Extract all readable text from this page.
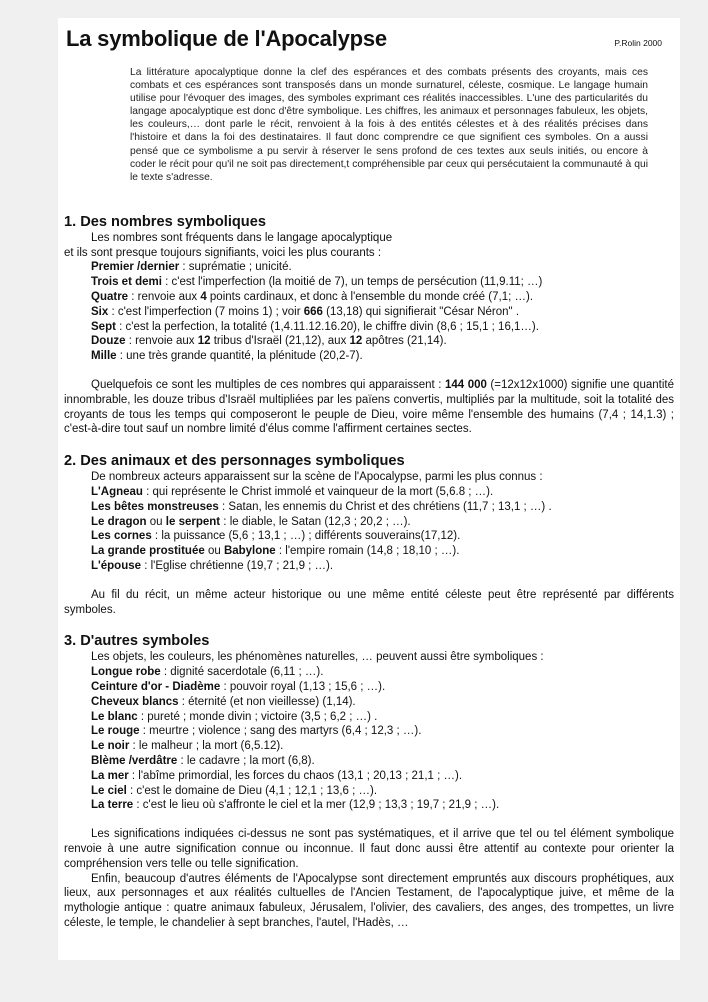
La symbolique de l'Apocalypse	P.Rolin 2000

La littérature apocalyptique donne la clef des espérances et des combats présents des croyants, mais ces combats et ces espérances sont transposés dans un monde surnaturel, céleste, cosmique. Le langage humain utilise pour l'évoquer des images, des symboles exprimant ces réalités inaccessibles. L'une des particularités du langage apocalyptique est donc d'être symbolique. Les chiffres, les animaux et personnages fabuleux, les objets, les couleurs,… dont parle le récit, renvoient à la fois à des entités célestes et à des réalités précises dans l'histoire et dans la foi des destinataires. Il faut donc comprendre ce que signifient ces symboles. On a aussi pensé que ce symbolisme a pu servir à réserver le sens profond de ces textes aux seuls initiés, ou encore à coder le récit pour qu'il ne soit pas directement,t compréhensible par ceux qui persécutaient la communauté à qui le texte s'adresse.

1. Des nombres symboliques
Les nombres sont fréquents dans le langage apocalyptique
et ils sont presque toujours signifiants, voici les plus courants :
Premier /dernier : suprématie ; unicité.
Trois et demi : c'est l'imperfection (la moitié de 7), un temps de persécution (11,9.11; …)
Quatre : renvoie aux 4 points cardinaux, et donc à l'ensemble du monde créé (7,1; …).
Six : c'est l'imperfection (7 moins 1) ; voir 666 (13,18) qui signifierait "César Néron" .
Sept : c'est la perfection, la totalité (1,4.11.12.16.20), le chiffre divin (8,6 ; 15,1 ; 16,1…).
Douze : renvoie aux 12 tribus d'Israël (21,12), aux 12 apôtres (21,14).
Mille : une très grande quantité, la plénitude (20,2-7).

Quelquefois ce sont les multiples de ces nombres qui apparaissent : 144 000 (=12x12x1000) signifie une quantité innombrable, les douze tribus d'Israël multipliées par les païens convertis, multipliés par la multitude, soit la totalité des croyants de tous les temps qui composeront le peuple de Dieu, voire même l'ensemble des humains (7,4 ; 14,1.3) ; c'est-à-dire tout sauf un nombre limité d'élus comme l'affirment certaines sectes.

2. Des animaux et des personnages symboliques
De nombreux acteurs apparaissent sur la scène de l'Apocalypse, parmi les plus connus :
L'Agneau : qui représente le Christ immolé et vainqueur de la mort (5,6.8 ; …).
Les bêtes monstreuses : Satan, les ennemis du Christ et des chrétiens (11,7 ; 13,1 ; …) .
Le dragon ou le serpent : le diable, le Satan (12,3 ; 20,2 ; …).
Les cornes : la puissance (5,6 ; 13,1 ; …) ; différents souverains(17,12).
La grande prostituée ou Babylone : l'empire romain (14,8 ; 18,10 ; …).
L'épouse : l'Eglise chrétienne (19,7 ; 21,9 ; …).

Au fil du récit, un même acteur historique ou une même entité céleste peut être représenté par différents symboles.

3. D'autres symboles
Les objets, les couleurs, les phénomènes naturelles, … peuvent aussi être symboliques :
Longue robe : dignité sacerdotale (6,11 ; …).
Ceinture d'or - Diadème : pouvoir royal (1,13 ; 15,6 ; …).
Cheveux blancs : éternité (et non vieillesse) (1,14).
Le blanc : pureté ; monde divin ; victoire (3,5 ; 6,2 ; …) .
Le rouge : meurtre ; violence ; sang des martyrs (6,4 ; 12,3 ; …).
Le noir : le malheur ; la mort (6,5.12).
Blème /verdâtre : le cadavre ; la mort (6,8).
La mer : l'abîme primordial, les forces du chaos (13,1 ; 20,13 ; 21,1 ; …).
Le ciel : c'est le domaine de Dieu (4,1 ; 12,1 ; 13,6 ; …).
La terre : c'est le lieu où s'affronte le ciel et la mer (12,9 ; 13,3 ; 19,7 ; 21,9 ; …).

Les significations indiquées ci-dessus ne sont pas systématiques, et il arrive que tel ou tel élément symbolique renvoie à une autre signification connue ou inconnue. Il faut donc aussi être attentif au contexte pour orienter la compréhension vers telle ou telle signification.

Enfin, beaucoup d'autres éléments de l'Apocalypse sont directement empruntés aux discours prophétiques, aux lieux, aux personnages et aux réalités cultuelles de l'Ancien Testament, de l'apocalyptique juive, et même de la mythologie antique : quatre animaux fabuleux, Jérusalem, l'olivier, des cavaliers, des anges, des trompettes, un livre céleste, le temple, le chandelier à sept branches, l'autel, l'Hadès, …
